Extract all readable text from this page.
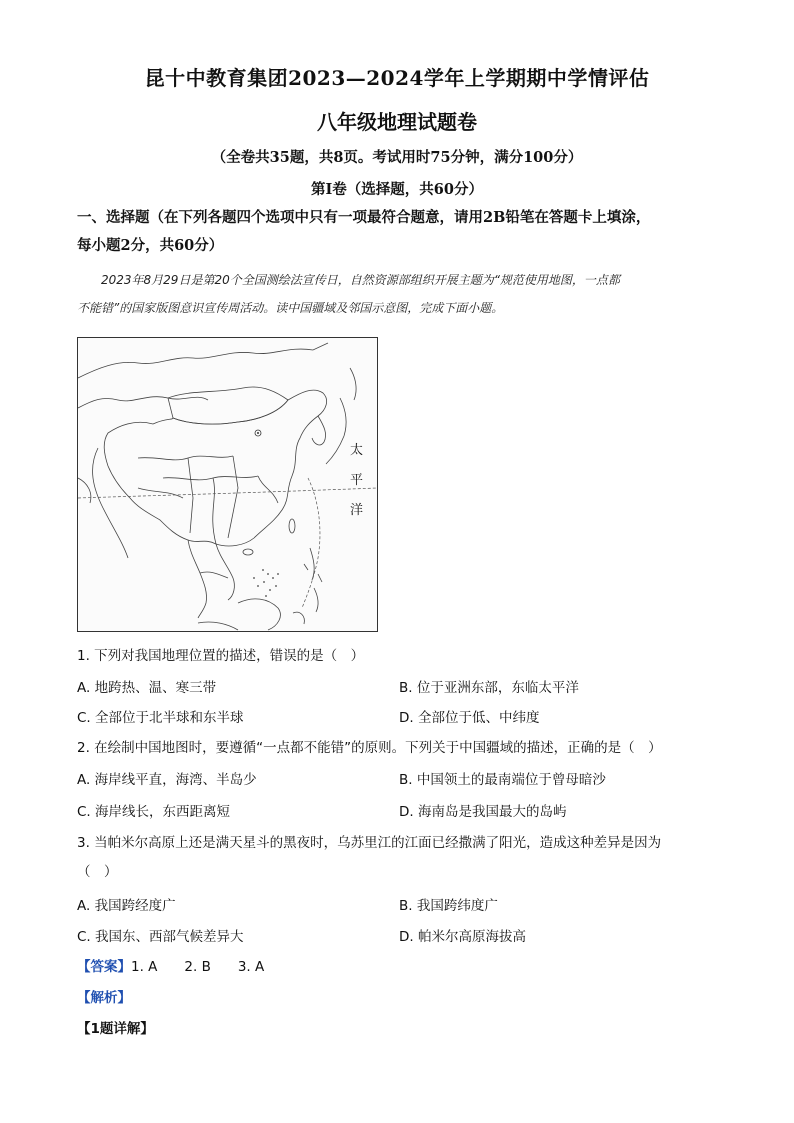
昆十中教育集团2023—2024学年上学期期中学情评估
八年级地理试题卷
（全卷共35题，共8页。考试用时75分钟，满分100分）
第Ⅰ卷（选择题，共60分）
一、选择题（在下列各题四个选项中只有一项最符合题意，请用2B铅笔在答题卡上填涂，
每小题2分，共60分）
2023年8月29日是第20个全国测绘法宣传日，自然资源部组织开展主题为“规范使用地图，一点都
不能错”的国家版图意识宣传周活动。读中国疆域及邻国示意图，完成下面小题。
太
平
洋
1. 下列对我国地理位置的描述，错误的是（　）
A. 地跨热、温、寒三带	B. 位于亚洲东部，东临太平洋
C. 全部位于北半球和东半球	D. 全部位于低、中纬度
2. 在绘制中国地图时，要遵循“一点都不能错”的原则。下列关于中国疆域的描述，正确的是（　）
A. 海岸线平直，海湾、半岛少	B. 中国领土的最南端位于曾母暗沙
C. 海岸线长，东西距离短	D. 海南岛是我国最大的岛屿
3. 当帕米尔高原上还是满天星斗的黑夜时，乌苏里江的江面已经撒满了阳光，造成这种差异是因为
（　）
A. 我国跨经度广	B. 我国跨纬度广
C. 我国东、西部气候差异大	D. 帕米尔高原海拔高
【答案】1. A　　2. B　　3. A
【解析】
【1题详解】
